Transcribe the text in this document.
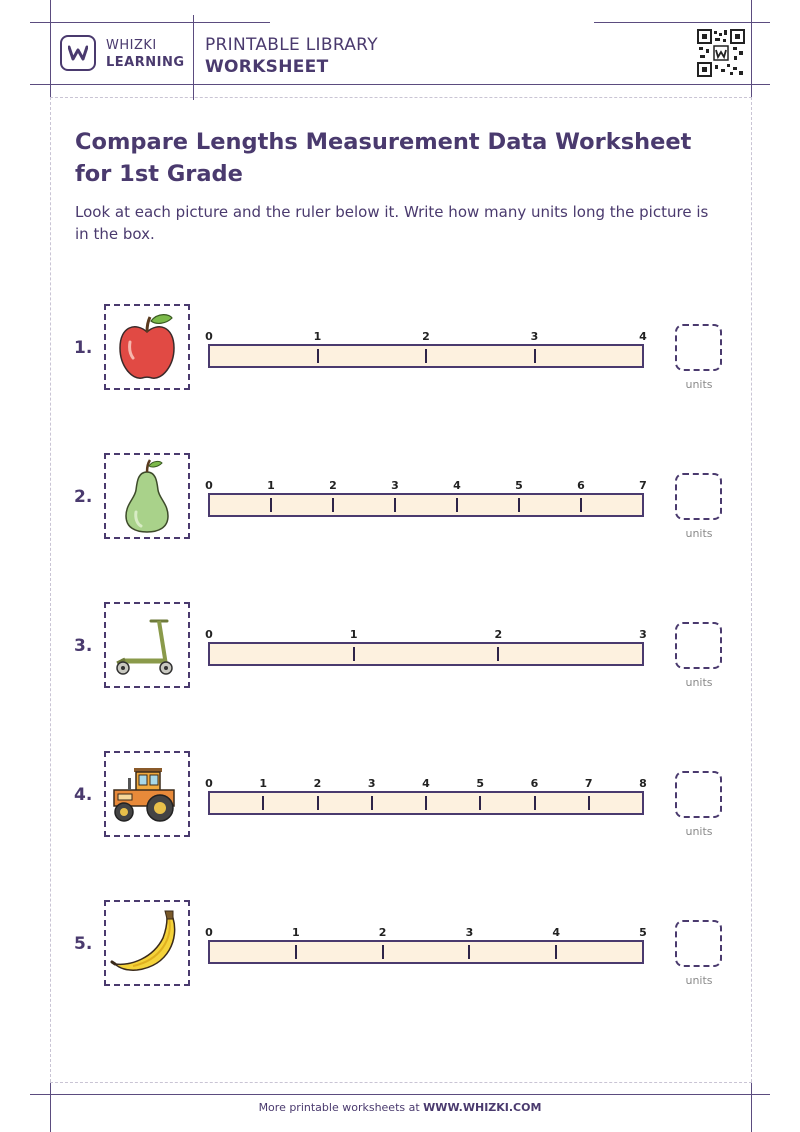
WHIZKI
LEARNING
PRINTABLE LIBRARY
WORKSHEET
Compare Lengths Measurement Data Worksheet for 1st Grade
Look at each picture and the ruler below it. Write how many units long the picture is in the box.
1.
units
0	1	2	3	4
2.
units
0	1	2	3	4	5	6	7
3.
units
0	1	2	3
4.
units
0	1	2	3	4	5	6	7	8
5.
units
0	1	2	3	4	5
More printable worksheets at WWW.WHIZKI.COM
